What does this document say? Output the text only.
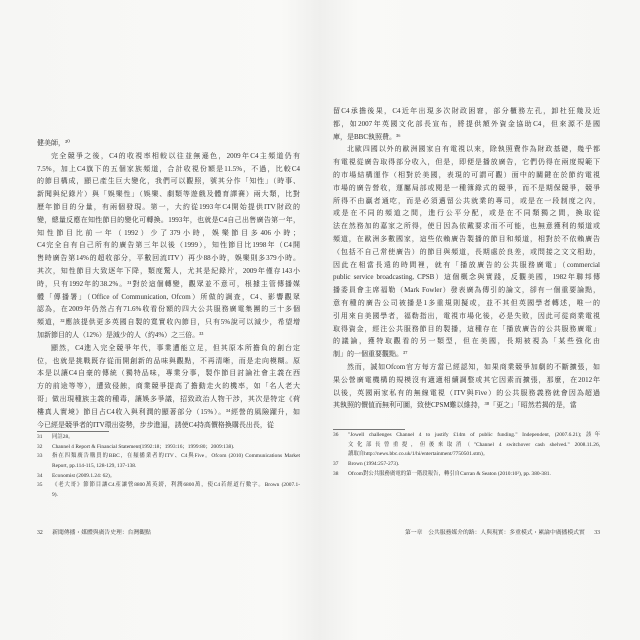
健美師，³⁰
完全競爭之後，C4的收視率相較以往並無遜色，2009年C4主頻道仍有
7.5%，加上C4旗下的五個家族頻道，合計收視份額是11.5%，不過，比較C4
的節目構成，顯已產生巨大變化，我們可以觀照，號其分作「知性」（時事、
新聞與紀錄片）與「娛樂性」（娛樂、劇類等遊戲及體育譯賽）兩大類，比對
歷年節目的分量，有兩個發現。第一，大約從1993年C4開始提供ITV財政的
變，總量反應在知性節目的變化可轉換。1993年，也就是C4自己出售廣告第一年，
知性節目比前一年（1992）少了379小時，娛樂節目多406小時；
C4完全自有自己所有的廣告第三年以後（1999），知性節目比1998年（C4開
售時廣告第14%的超收部分，平數回流ITV）再少88小時，娛樂則多379小時。
其次，知性節目大致逐年下降，類度驚人，尤其是紀錄片，2009年僅存143小
時，只有1992年的38.2%。³¹對於這個轉變，觀眾並不意可，根據主管傳播媒
體「傳播署」（Office of Communication, Ofcom）所做的調查，C4、影響觀眾
認為，在2009年仍然占有71.6%收看份額的四大公共服務廣電集團的三十多個
頻道，³²應該提供更多英國自製的寬實收內節目，只有5%說可以減少，希望增
加新節目的人（12%）是減少的人（約4%）之三倍。³³
顯然，C4進入完全競爭年代，事業遭能立足，但其原本所擔負的創台定
位，也就是挑戰既存從而開創新的品味與觀點，不再清晰，而是走向模糊。原
本是以讓C4自豪的傳統（獨特品味，專業分事，製作節目討論社會主義在西
方的前途等等），遭致侵蝕，商業競爭提高了擔動走火的機率，如「名人老大
哥」做出現種族主義的種毒，讓娛多爭議，招致政治人物干涉，其次是特定《荷
樓真人實境》節目占C4收入與利潤的顯著部分（15%）。³⁴經營的風險躍升，如
今已經是競爭者的ITV環出姿勢，步步進逼，誘使C4持高價格換購長出長，從
31	同註28。
32	Channel 4 Report & Financial Statement(1992:18；1993:16；1999:80；2009:138).
33	指在四類廣告購買的BBC，在頻播業者的ITV、C4與Five。Ofcom (2010) Communications Market
Report, pp.114-115, 128-129, 137-138.
34	Economist (2009.1.24: 62)。
35	《老大哥》節節目讓C4產讓營8800萬英鎊，利潤6800萬，使C4若經道行數字。Brown (2007.1-
9).
32 新聞傳播・媒體與廣告史理：台灣觀點
留C4承擔後果，C4近年出現多次財政困窘，部分櫃務左孔，卸杜狂幾及近
都，如2007年英國文化部長宣布，將提供額外資金協助C4，但來源不是國
庫，是BBC執照費。³⁶
北歐四國以外的歐洲國家自有電視以來，除執照費作為財政基礎，幾乎都
有電視從廣告取得部分收入，但是，即便是播放廣告，它們仍得在兩度規範下
的市場結構運作（相對於美國，表現的可謂可觀）面中的關鍵在於節約電視
市場的廣告營收，運屬局部或閱是一種簿錄式的競爭，而不是期保競爭，競爭
所得不由贏者通吃，而是必須邁留公共就業的專司，或是在一段制度之內，
或是在不同的頻道之間，進行公平分配，或是在不同類獨之間，換取從
法在然務加的嘉家之所得，使日因為依戴要求而不可能，也無意獲利的頻道或
頻道，在歐洲多數國家，這些依賴廣告製播的節目和頻道，相對於不依賴廣告
（包括不自己常使廣告）的節目與頻道，長期處於良差，或問接之文文相助，
因此在相當長遠的時間裡，就有「播放廣告的公共服務廣電」（commercial
public service broadcasting, CPSB）這個概念與實踐，反觀美國，1982年聯邦傳
播委員會主席福勒（Mark Fowler）發表廣為傳引的論文，卻有一個重要論點，
意有種的廣告公司被播是1多重規則擬或，並不其但英國學者轉述，唯一的
引用來自美國學者，福勒指出，電視市場化後，必是失敗，因此可從商業電視
取得資金，經注公共服務節目的製播，這種存在「播放廣告的公共服務廣電」
的議論，獲特取觀看的另一類型，但在美國，長期被視為「某些強化由
制」的一個重要觀點。³⁷
然而，誠如Ofcom官方每方當已經認知，如果商業競爭加劇的不斷擴張，如
果公營廣電機構的規模沒有適適相續調整或其它因素而擴張，那麼，在2012年
以後，英國兩家私有的無線電視（ITV與Five）的公共服務義務就會因為超過
其執照的價值而無利可圖，致使CPSM難以維持，³⁸「更之」「昭然若揭的是，當
36	"Jowell challenges Channel 4 to justify £14m of public funding." Independent, (2007.6.21); 該年
文化部長曾重提，但後來取消（"Channel 4 switchover cash shelved." 2008.11.26,
讀取自http://news.bbc.co.uk/1/hi/entertainment/7750501.stm)。
37	Brown (1994:257-273).
38	Ofcom對公共服務廣電的第一階段報告，轉引自Curran & Seaton (2010:10²), pp. 380-381.
第一章　公共服務媒介的路：人與現實：多重模式・累論中廣播模式實 33
